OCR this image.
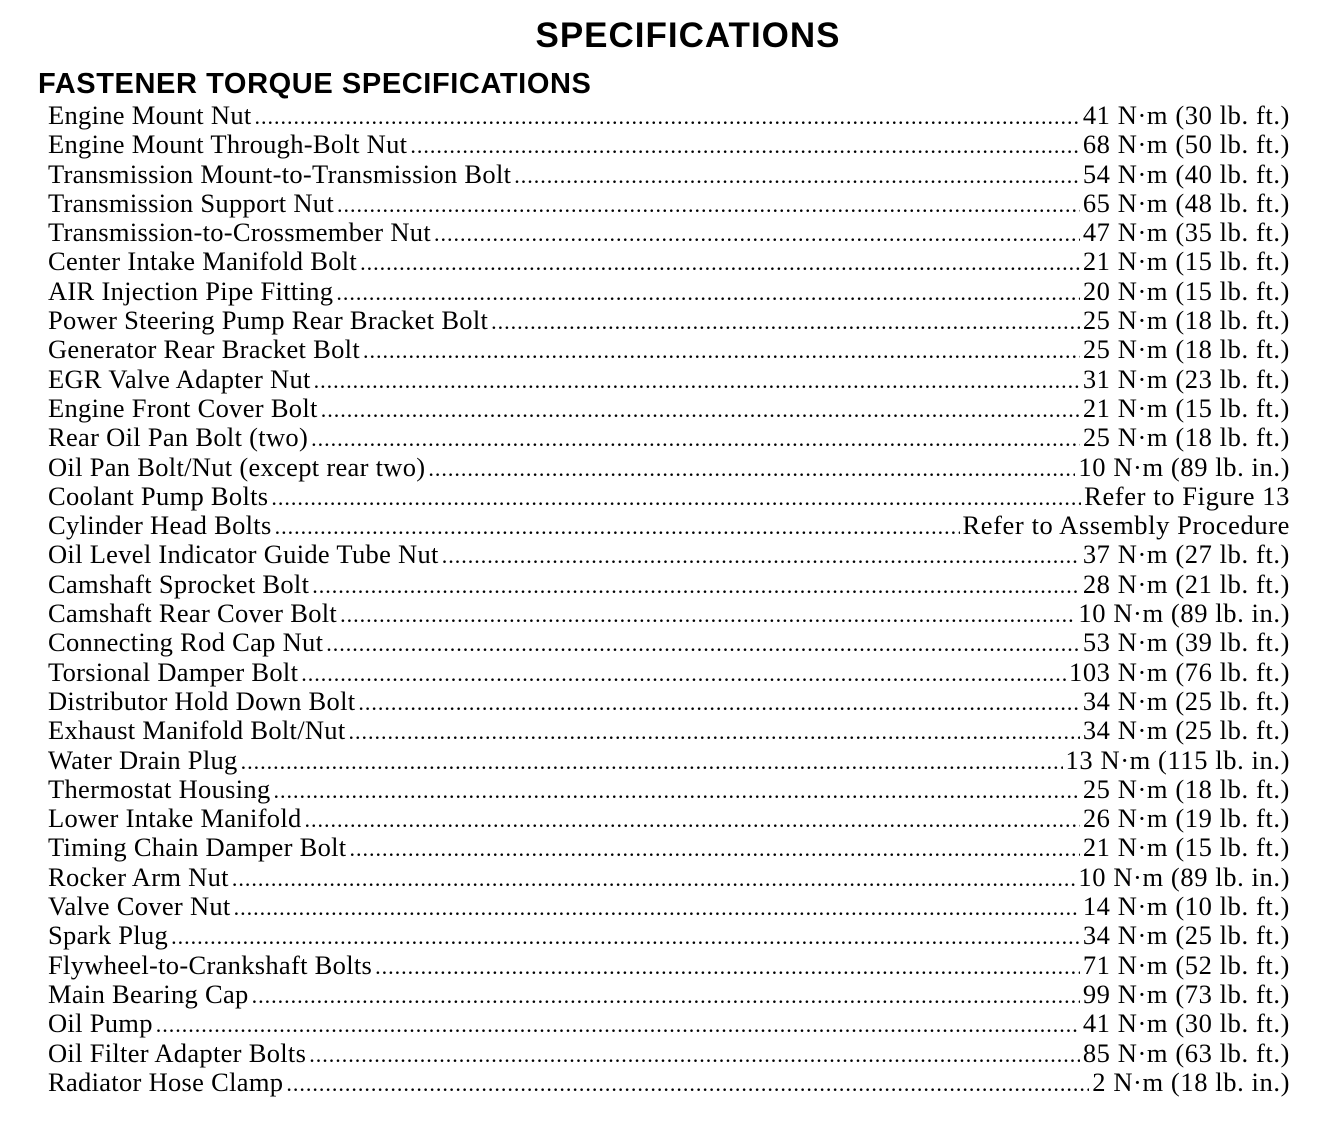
SPECIFICATIONS
FASTENER TORQUE SPECIFICATIONS
Engine Mount Nut .....	41 N·m (30 lb. ft.)
Engine Mount Through-Bolt Nut .....	68 N·m (50 lb. ft.)
Transmission Mount-to-Transmission Bolt .....	54 N·m (40 lb. ft.)
Transmission Support Nut .....	65 N·m (48 lb. ft.)
Transmission-to-Crossmember Nut .....	47 N·m (35 lb. ft.)
Center Intake Manifold Bolt .....	21 N·m (15 lb. ft.)
AIR Injection Pipe Fitting .....	20 N·m (15 lb. ft.)
Power Steering Pump Rear Bracket Bolt .....	25 N·m (18 lb. ft.)
Generator Rear Bracket Bolt .....	25 N·m (18 lb. ft.)
EGR Valve Adapter Nut .....	31 N·m (23 lb. ft.)
Engine Front Cover Bolt .....	21 N·m (15 lb. ft.)
Rear Oil Pan Bolt (two) .....	25 N·m (18 lb. ft.)
Oil Pan Bolt/Nut (except rear two) .....	10 N·m (89 lb. in.)
Coolant Pump Bolts .....	Refer to Figure 13
Cylinder Head Bolts .....	Refer to Assembly Procedure
Oil Level Indicator Guide Tube Nut .....	37 N·m (27 lb. ft.)
Camshaft Sprocket Bolt .....	28 N·m (21 lb. ft.)
Camshaft Rear Cover Bolt .....	10 N·m (89 lb. in.)
Connecting Rod Cap Nut .....	53 N·m (39 lb. ft.)
Torsional Damper Bolt .....	103 N·m (76 lb. ft.)
Distributor Hold Down Bolt .....	34 N·m (25 lb. ft.)
Exhaust Manifold Bolt/Nut .....	34 N·m (25 lb. ft.)
Water Drain Plug .....	13 N·m (115 lb. in.)
Thermostat Housing .....	25 N·m (18 lb. ft.)
Lower Intake Manifold .....	26 N·m (19 lb. ft.)
Timing Chain Damper Bolt .....	21 N·m (15 lb. ft.)
Rocker Arm Nut .....	10 N·m (89 lb. in.)
Valve Cover Nut .....	14 N·m (10 lb. ft.)
Spark Plug .....	34 N·m (25 lb. ft.)
Flywheel-to-Crankshaft Bolts .....	71 N·m (52 lb. ft.)
Main Bearing Cap .....	99 N·m (73 lb. ft.)
Oil Pump .....	41 N·m (30 lb. ft.)
Oil Filter Adapter Bolts .....	85 N·m (63 lb. ft.)
Radiator Hose Clamp .....	2 N·m (18 lb. in.)
